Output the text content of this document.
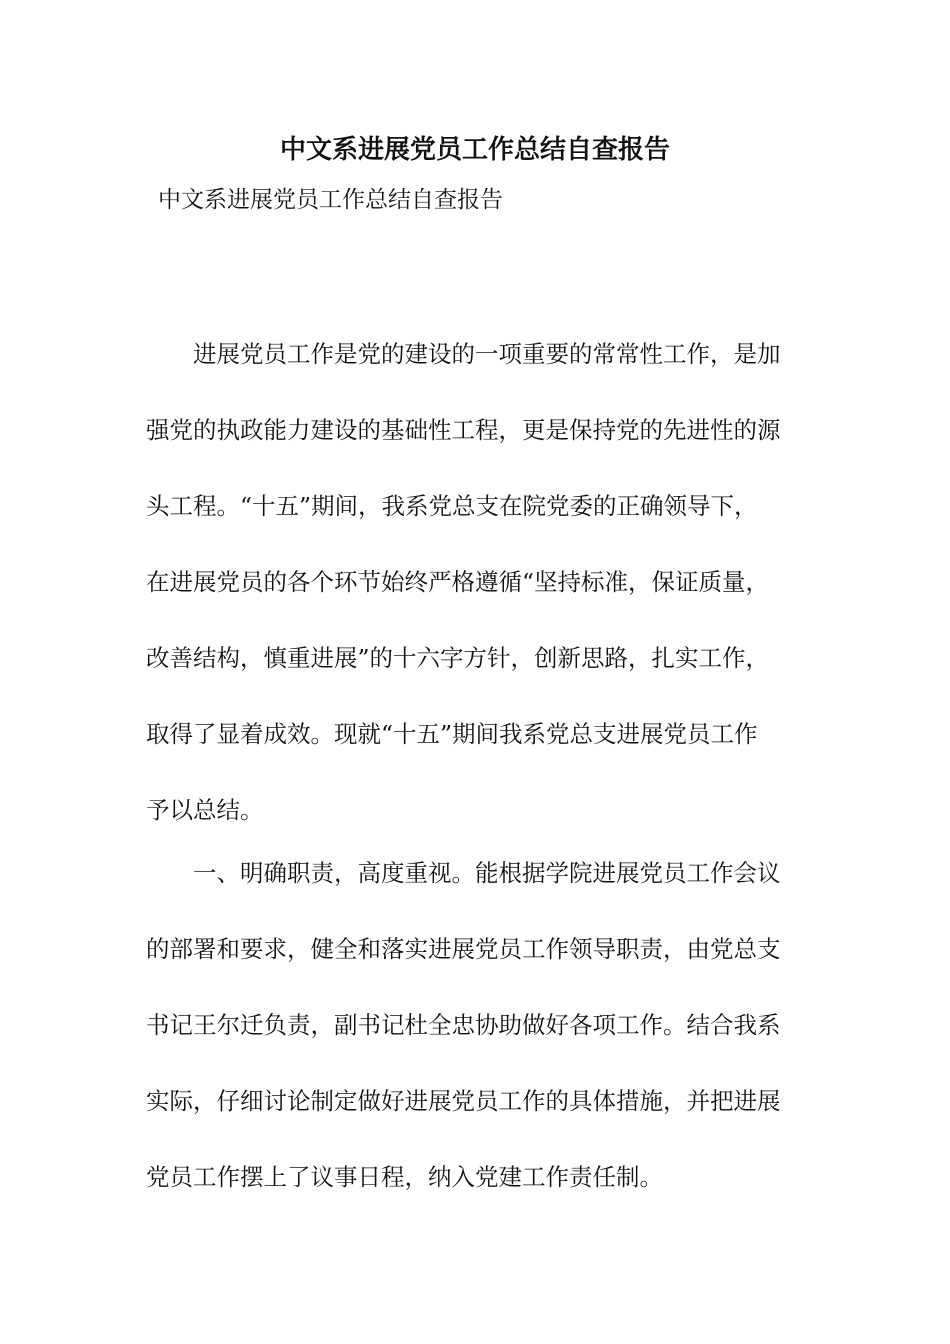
中文系进展党员工作总结自查报告
中文系进展党员工作总结自查报告
进展党员工作是党的建设的一项重要的常常性工作，是加
强党的执政能力建设的基础性工程，更是保持党的先进性的源
头工程。“十五”期间，我系党总支在院党委的正确领导下，
在进展党员的各个环节始终严格遵循“坚持标准，保证质量，
改善结构，慎重进展”的十六字方针，创新思路，扎实工作，
取得了显着成效。现就“十五”期间我系党总支进展党员工作
予以总结。
一、明确职责，高度重视。能根据学院进展党员工作会议
的部署和要求，健全和落实进展党员工作领导职责，由党总支
书记王尔迁负责，副书记杜全忠协助做好各项工作。结合我系
实际，仔细讨论制定做好进展党员工作的具体措施，并把进展
党员工作摆上了议事日程，纳入党建工作责任制。
